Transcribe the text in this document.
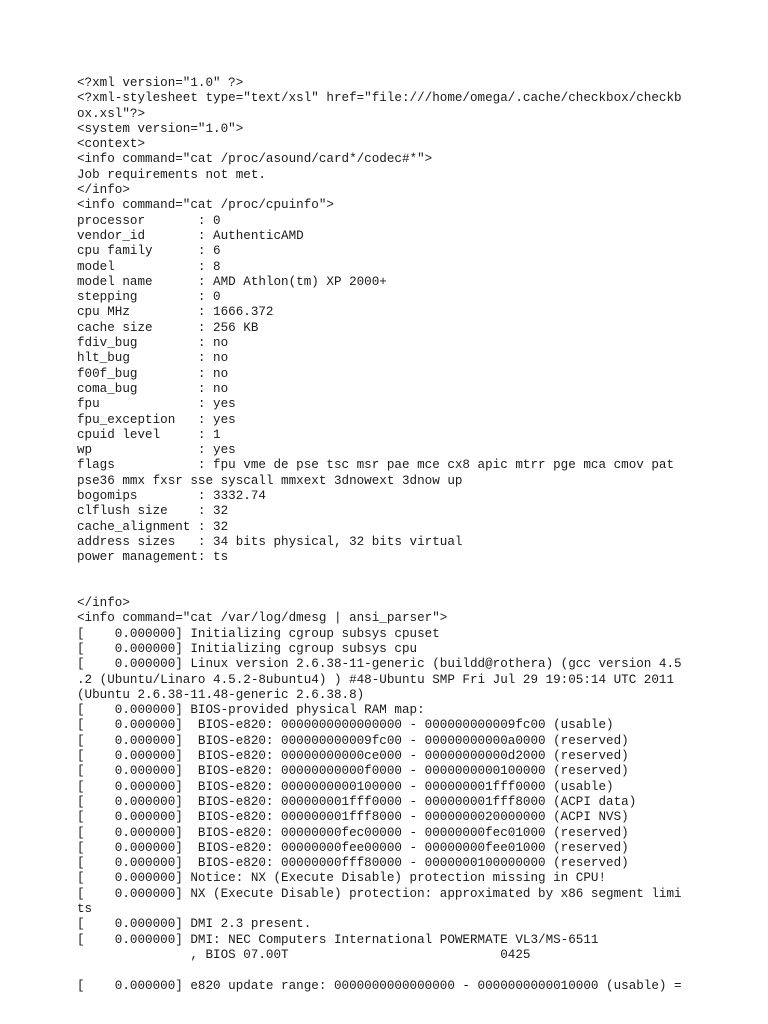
<?xml version="1.0" ?>
<?xml-stylesheet type="text/xsl" href="file:///home/omega/.cache/checkbox/checkb
ox.xsl"?>
<system version="1.0">
<context>
<info command="cat /proc/asound/card*/codec#*">
Job requirements not met.
</info>
<info command="cat /proc/cpuinfo">
processor       : 0
vendor_id       : AuthenticAMD
cpu family      : 6
model           : 8
model name      : AMD Athlon(tm) XP 2000+
stepping        : 0
cpu MHz         : 1666.372
cache size      : 256 KB
fdiv_bug        : no
hlt_bug         : no
f00f_bug        : no
coma_bug        : no
fpu             : yes
fpu_exception   : yes
cpuid level     : 1
wp              : yes
flags           : fpu vme de pse tsc msr pae mce cx8 apic mtrr pge mca cmov pat
pse36 mmx fxsr sse syscall mmxext 3dnowext 3dnow up
bogomips        : 3332.74
clflush size    : 32
cache_alignment : 32
address sizes   : 34 bits physical, 32 bits virtual
power management: ts
</info>
<info command="cat /var/log/dmesg | ansi_parser">
[    0.000000] Initializing cgroup subsys cpuset
[    0.000000] Initializing cgroup subsys cpu
[    0.000000] Linux version 2.6.38-11-generic (buildd@rothera) (gcc version 4.5
.2 (Ubuntu/Linaro 4.5.2-8ubuntu4) ) #48-Ubuntu SMP Fri Jul 29 19:05:14 UTC 2011
(Ubuntu 2.6.38-11.48-generic 2.6.38.8)
[    0.000000] BIOS-provided physical RAM map:
[    0.000000]  BIOS-e820: 0000000000000000 - 000000000009fc00 (usable)
[    0.000000]  BIOS-e820: 000000000009fc00 - 00000000000a0000 (reserved)
[    0.000000]  BIOS-e820: 00000000000ce000 - 00000000000d2000 (reserved)
[    0.000000]  BIOS-e820: 00000000000f0000 - 0000000000100000 (reserved)
[    0.000000]  BIOS-e820: 0000000000100000 - 000000001fff0000 (usable)
[    0.000000]  BIOS-e820: 000000001fff0000 - 000000001fff8000 (ACPI data)
[    0.000000]  BIOS-e820: 000000001fff8000 - 0000000020000000 (ACPI NVS)
[    0.000000]  BIOS-e820: 00000000fec00000 - 00000000fec01000 (reserved)
[    0.000000]  BIOS-e820: 00000000fee00000 - 00000000fee01000 (reserved)
[    0.000000]  BIOS-e820: 00000000fff80000 - 0000000100000000 (reserved)
[    0.000000] Notice: NX (Execute Disable) protection missing in CPU!
[    0.000000] NX (Execute Disable) protection: approximated by x86 segment limi
ts
[    0.000000] DMI 2.3 present.
[    0.000000] DMI: NEC Computers International POWERMATE VL3/MS-6511
, BIOS 07.00T                            0425
[    0.000000] e820 update range: 0000000000000000 - 0000000000010000 (usable) =
